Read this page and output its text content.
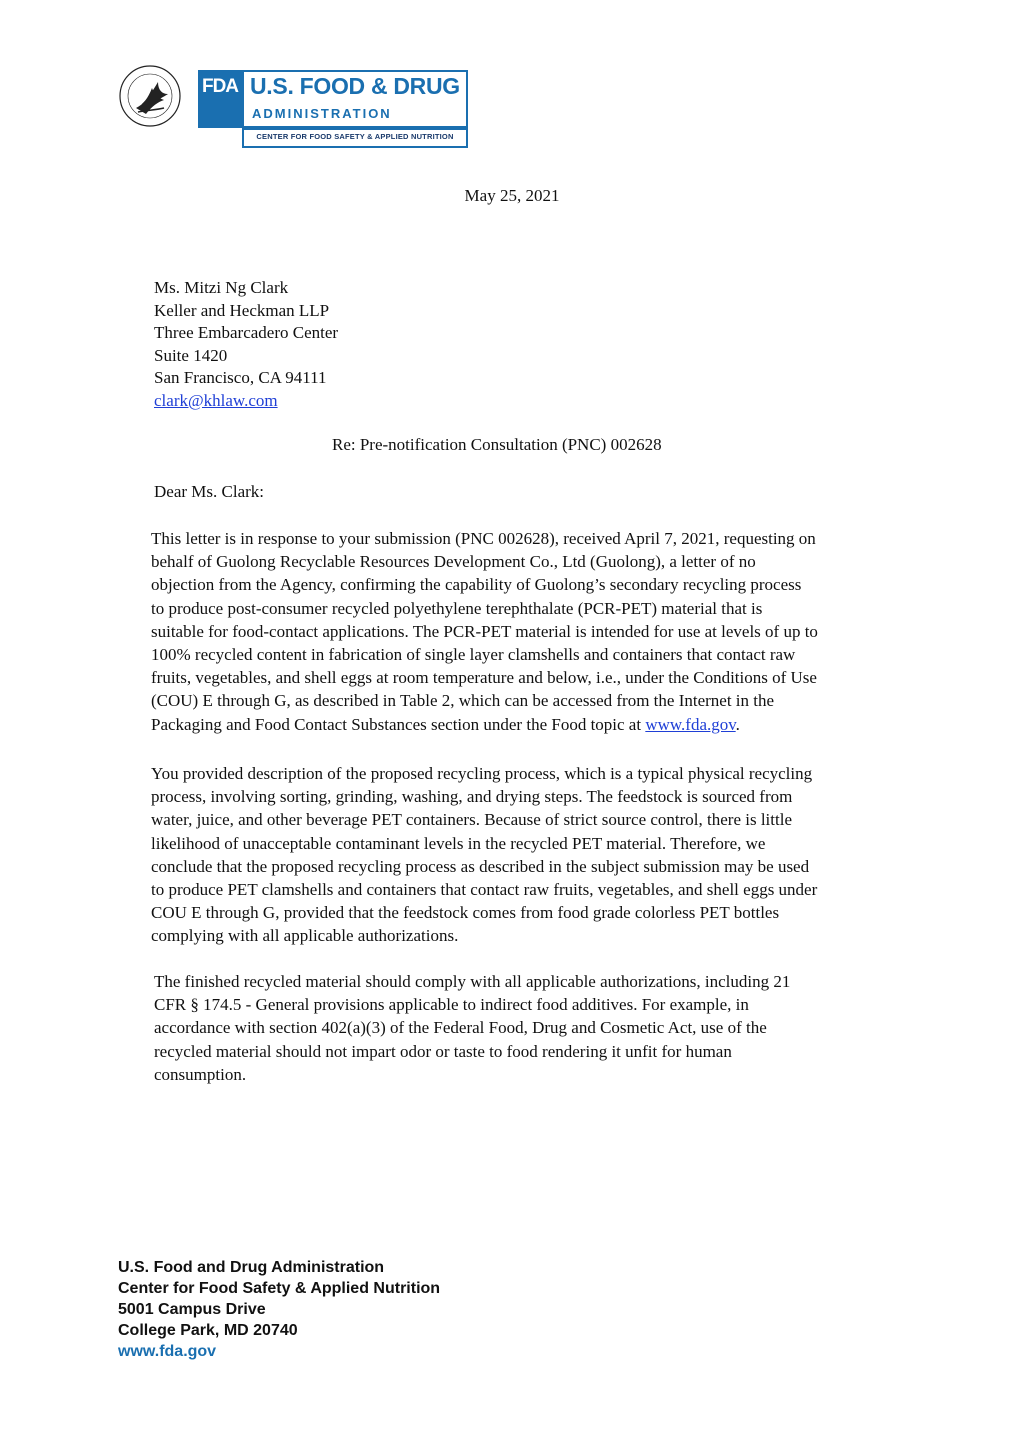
FDA U.S. FOOD & DRUG
ADMINISTRATION
CENTER FOR FOOD SAFETY & APPLIED NUTRITION
May 25, 2021
Ms. Mitzi Ng Clark
Keller and Heckman LLP
Three Embarcadero Center
Suite 1420
San Francisco, CA 94111
clark@khlaw.com
Re: Pre-notification Consultation (PNC) 002628
Dear Ms. Clark:
This letter is in response to your submission (PNC 002628), received April 7, 2021, requesting on
behalf of Guolong Recyclable Resources Development Co., Ltd (Guolong), a letter of no
objection from the Agency, confirming the capability of Guolong’s secondary recycling process
to produce post-consumer recycled polyethylene terephthalate (PCR-PET) material that is
suitable for food-contact applications. The PCR-PET material is intended for use at levels of up to
100% recycled content in fabrication of single layer clamshells and containers that contact raw
fruits, vegetables, and shell eggs at room temperature and below, i.e., under the Conditions of Use
(COU) E through G, as described in Table 2, which can be accessed from the Internet in the
Packaging and Food Contact Substances section under the Food topic at www.fda.gov.
You provided description of the proposed recycling process, which is a typical physical recycling
process, involving sorting, grinding, washing, and drying steps. The feedstock is sourced from
water, juice, and other beverage PET containers. Because of strict source control, there is little
likelihood of unacceptable contaminant levels in the recycled PET material. Therefore, we
conclude that the proposed recycling process as described in the subject submission may be used
to produce PET clamshells and containers that contact raw fruits, vegetables, and shell eggs under
COU E through G, provided that the feedstock comes from food grade colorless PET bottles
complying with all applicable authorizations.
The finished recycled material should comply with all applicable authorizations, including 21
CFR § 174.5 - General provisions applicable to indirect food additives. For example, in
accordance with section 402(a)(3) of the Federal Food, Drug and Cosmetic Act, use of the
recycled material should not impart odor or taste to food rendering it unfit for human
consumption.
U.S. Food and Drug Administration
Center for Food Safety & Applied Nutrition
5001 Campus Drive
College Park, MD 20740
www.fda.gov
